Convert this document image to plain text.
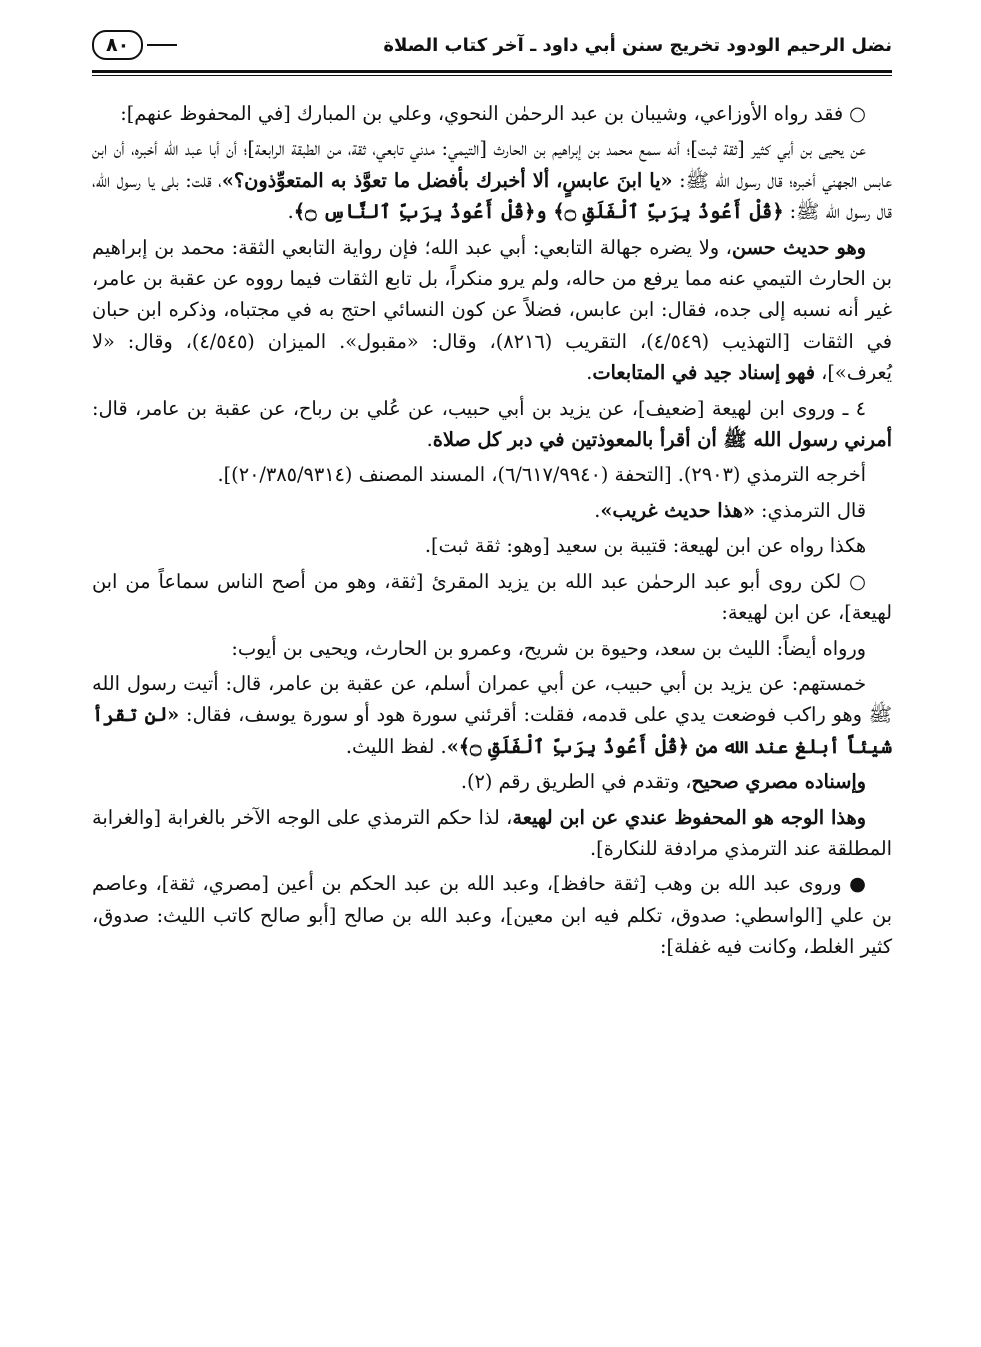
نضل الرحيم الودود تخريج سنن أبي داود ـ آخر كتاب الصلاة
٨٠

○ فقد رواه الأوزاعي، وشيبان بن عبد الرحمٰن النحوي، وعلي بن المبارك [في المحفوظ عنهم]:

عن يحيى بن أبي كثير [ثقة ثبت]؛ أنه سمع محمد بن إبراهيم بن الحارث [التيمي: مدني تابعي، ثقة، من الطبقة الرابعة]؛ أن أبا عبد الله أخبره، أن ابن عابس الجهني أخبره؛ قال رسول الله ﷺ: «يا ابنَ عابسٍ، ألا أخبرك بأفضل ما تعوَّذ به المتعوِّذون؟»، قلت: بلى يا رسول الله، قال رسول الله ﷺ: ﴿قُلْ أَعُوذُ بِرَبِّ ٱلْفَلَقِ ۝﴾ و﴿قُلْ أَعُوذُ بِرَبِّ ٱلنَّاسِ ۝﴾.

وهو حديث حسن، ولا يضره جهالة التابعي: أبي عبد الله؛ فإن رواية التابعي الثقة: محمد بن إبراهيم بن الحارث التيمي عنه مما يرفع من حاله، ولم يرو منكراً، بل تابع الثقات فيما رووه عن عقبة بن عامر، غير أنه نسبه إلى جده، فقال: ابن عابس، فضلاً عن كون النسائي احتج به في مجتباه، وذكره ابن حبان في الثقات [التهذيب (٤/٥٤٩)، التقريب (٨٢١٦)، وقال: «مقبول». الميزان (٤/٥٤٥)، وقال: «لا يُعرف»]، فهو إسناد جيد في المتابعات.

٤ ـ وروى ابن لهيعة [ضعيف]، عن يزيد بن أبي حبيب، عن عُلي بن رباح، عن عقبة بن عامر، قال: أمرني رسول الله ﷺ أن أقرأ بالمعوذتين في دبر كل صلاة.

أخرجه الترمذي (٢٩٠٣). [التحفة (٦/٦١٧/٩٩٤٠)، المسند المصنف (٢٠/٣٨٥/٩٣١٤)].

قال الترمذي: «هذا حديث غريب».

هكذا رواه عن ابن لهيعة: قتيبة بن سعيد [وهو: ثقة ثبت].

○ لكن روى أبو عبد الرحمٰن عبد الله بن يزيد المقرئ [ثقة، وهو من أصح الناس سماعاً من ابن لهيعة]، عن ابن لهيعة:

ورواه أيضاً: الليث بن سعد، وحيوة بن شريح، وعمرو بن الحارث، ويحيى بن أيوب:

خمستهم: عن يزيد بن أبي حبيب، عن أبي عمران أسلم، عن عقبة بن عامر، قال: أتيت رسول الله ﷺ وهو راكب فوضعت يدي على قدمه، فقلت: أقرئني سورة هود أو سورة يوسف، فقال: «لن تقرأ شيئاً أبلغ عند الله من ﴿قُلْ أَعُوذُ بِرَبِّ ٱلْفَلَقِ ۝﴾». لفظ الليث.

وإسناده مصري صحيح، وتقدم في الطريق رقم (٢).

وهذا الوجه هو المحفوظ عندي عن ابن لهيعة، لذا حكم الترمذي على الوجه الآخر بالغرابة [والغرابة المطلقة عند الترمذي مرادفة للنكارة].

● وروى عبد الله بن وهب [ثقة حافظ]، وعبد الله بن عبد الحكم بن أعين [مصري، ثقة]، وعاصم بن علي [الواسطي: صدوق، تكلم فيه ابن معين]، وعبد الله بن صالح [أبو صالح كاتب الليث: صدوق، كثير الغلط، وكانت فيه غفلة]:
